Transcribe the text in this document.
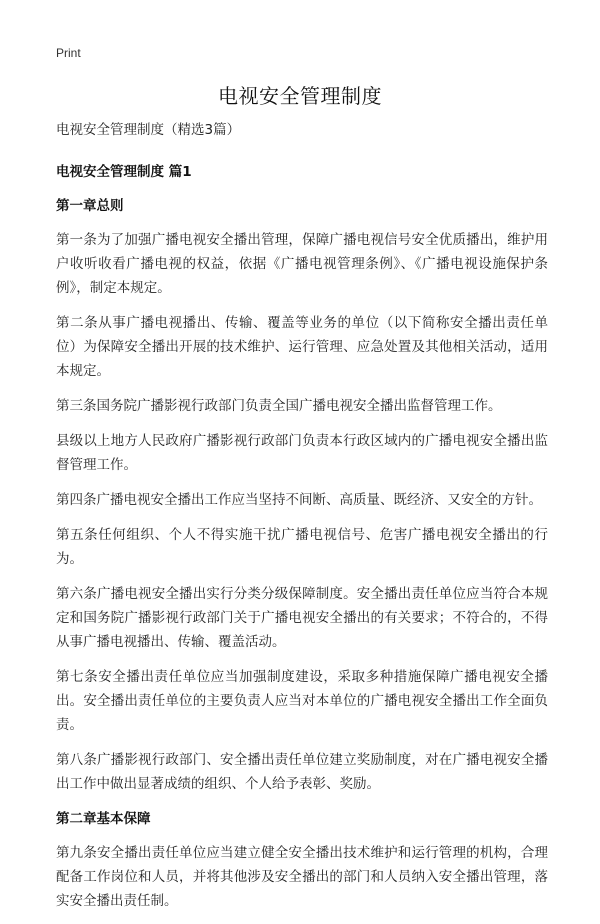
Print

电视安全管理制度

电视安全管理制度（精选3篇）

电视安全管理制度 篇1

第一章总则

第一条为了加强广播电视安全播出管理，保障广播电视信号安全优质播出，维护用户收听收看广播电视的权益，依据《广播电视管理条例》、《广播电视设施保护条例》，制定本规定。

第二条从事广播电视播出、传输、覆盖等业务的单位（以下简称安全播出责任单位）为保障安全播出开展的技术维护、运行管理、应急处置及其他相关活动，适用本规定。

第三条国务院广播影视行政部门负责全国广播电视安全播出监督管理工作。

县级以上地方人民政府广播影视行政部门负责本行政区域内的广播电视安全播出监督管理工作。

第四条广播电视安全播出工作应当坚持不间断、高质量、既经济、又安全的方针。

第五条任何组织、个人不得实施干扰广播电视信号、危害广播电视安全播出的行为。

第六条广播电视安全播出实行分类分级保障制度。安全播出责任单位应当符合本规定和国务院广播影视行政部门关于广播电视安全播出的有关要求；不符合的，不得从事广播电视播出、传输、覆盖活动。

第七条安全播出责任单位应当加强制度建设，采取多种措施保障广播电视安全播出。安全播出责任单位的主要负责人应当对本单位的广播电视安全播出工作全面负责。

第八条广播影视行政部门、安全播出责任单位建立奖励制度，对在广播电视安全播出工作中做出显著成绩的组织、个人给予表彰、奖励。

第二章基本保障

第九条安全播出责任单位应当建立健全安全播出技术维护和运行管理的机构，合理配备工作岗位和人员，并将其他涉及安全播出的部门和人员纳入安全播出管理，落实安全播出责任制。
